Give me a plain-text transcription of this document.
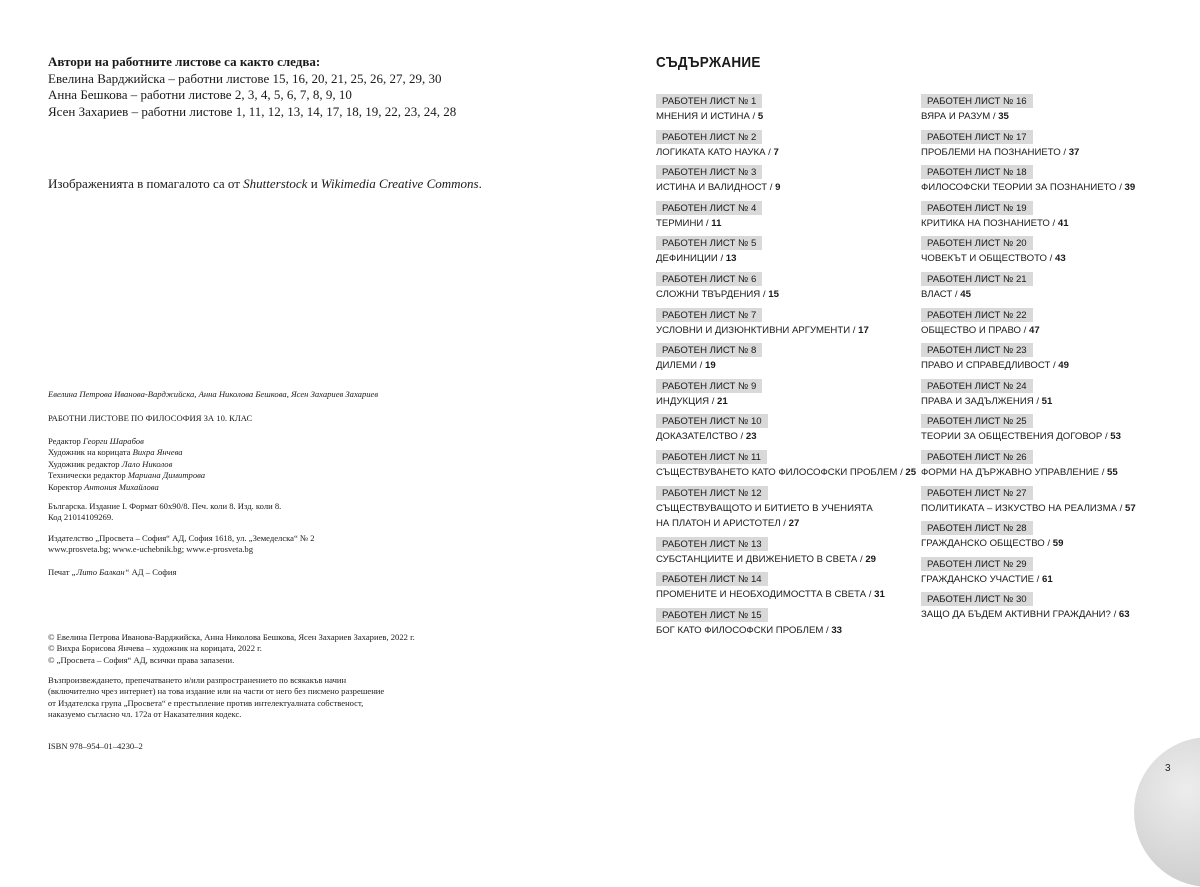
Автори на работните листове са както следва:
Евелина Варджийска – работни листове 15, 16, 20, 21, 25, 26, 27, 29, 30
Анна Бешкова – работни листове 2, 3, 4, 5, 6, 7, 8, 9, 10
Ясен Захариев – работни листове 1, 11, 12, 13, 14, 17, 18, 19, 22, 23, 24, 28
Изображенията в помагалото са от Shutterstock и Wikimedia Creative Commons.
Евелина Петрова Иванова-Варджийска, Анна Николова Бешкова, Ясен Захариев Захариев
РАБОТНИ ЛИСТОВЕ ПО ФИЛОСОФИЯ ЗА 10. КЛАС
Редактор Георги Шарабов
Художник на корицата Вихра Янчева
Художник редактор Лало Николов
Технически редактор Мариана Димитрова
Коректор Антония Михайлова
Българска. Издание I. Формат 60x90/8. Печ. коли 8. Изд. коли 8.
Код 21014109269.
Издателство „Просвета – София“ АД, София 1618, ул. „Земеделска“ № 2
www.prosveta.bg; www.e-uchebnik.bg; www.e-prosveta.bg
Печат „Лито Балкан“ АД – София
© Евелина Петрова Иванова-Варджийска, Анна Николова Бешкова, Ясен Захариев Захариев, 2022 г.
© Вихра Борисова Янчева – художник на корицата, 2022 г.
© „Просвета – София“ АД, всички права запазени.
Възпроизвеждането, препечатването и/или разпространението по всякакъв начин
(включително чрез интернет) на това издание или на части от него без писмено разрешение
от Издателска група „Просвета“ е престъпление против интелектуалната собственост,
наказуемо съгласно чл. 172а от Наказателния кодекс.
ISBN 978–954–01–4230–2
СЪДЪРЖАНИЕ
РАБОТЕН ЛИСТ № 1
МНЕНИЯ И ИСТИНА / 5
РАБОТЕН ЛИСТ № 2
ЛОГИКАТА КАТО НАУКА / 7
РАБОТЕН ЛИСТ № 3
ИСТИНА И ВАЛИДНОСТ / 9
РАБОТЕН ЛИСТ № 4
ТЕРМИНИ / 11
РАБОТЕН ЛИСТ № 5
ДЕФИНИЦИИ / 13
РАБОТЕН ЛИСТ № 6
СЛОЖНИ ТВЪРДЕНИЯ / 15
РАБОТЕН ЛИСТ № 7
УСЛОВНИ И ДИЗЮНКТИВНИ АРГУМЕНТИ / 17
РАБОТЕН ЛИСТ № 8
ДИЛЕМИ / 19
РАБОТЕН ЛИСТ № 9
ИНДУКЦИЯ / 21
РАБОТЕН ЛИСТ № 10
ДОКАЗАТЕЛСТВО / 23
РАБОТЕН ЛИСТ № 11
СЪЩЕСТВУВАНЕТО КАТО ФИЛОСОФСКИ ПРОБЛЕМ / 25
РАБОТЕН ЛИСТ № 12
СЪЩЕСТВУВАЩОТО И БИТИЕТО В УЧЕНИЯТА
НА ПЛАТОН И АРИСТОТЕЛ / 27
РАБОТЕН ЛИСТ № 13
СУБСТАНЦИИТЕ И ДВИЖЕНИЕТО В СВЕТА / 29
РАБОТЕН ЛИСТ № 14
ПРОМЕНИТЕ И НЕОБХОДИМОСТТА В СВЕТА / 31
РАБОТЕН ЛИСТ № 15
БОГ КАТО ФИЛОСОФСКИ ПРОБЛЕМ / 33
РАБОТЕН ЛИСТ № 16
ВЯРА И РАЗУМ / 35
РАБОТЕН ЛИСТ № 17
ПРОБЛЕМИ НА ПОЗНАНИЕТО / 37
РАБОТЕН ЛИСТ № 18
ФИЛОСОФСКИ ТЕОРИИ ЗА ПОЗНАНИЕТО / 39
РАБОТЕН ЛИСТ № 19
КРИТИКА НА ПОЗНАНИЕТО / 41
РАБОТЕН ЛИСТ № 20
ЧОВЕКЪТ И ОБЩЕСТВОТО / 43
РАБОТЕН ЛИСТ № 21
ВЛАСТ / 45
РАБОТЕН ЛИСТ № 22
ОБЩЕСТВО И ПРАВО / 47
РАБОТЕН ЛИСТ № 23
ПРАВО И СПРАВЕДЛИВОСТ / 49
РАБОТЕН ЛИСТ № 24
ПРАВА И ЗАДЪЛЖЕНИЯ / 51
РАБОТЕН ЛИСТ № 25
ТЕОРИИ ЗА ОБЩЕСТВЕНИЯ ДОГОВОР / 53
РАБОТЕН ЛИСТ № 26
ФОРМИ НА ДЪРЖАВНО УПРАВЛЕНИЕ / 55
РАБОТЕН ЛИСТ № 27
ПОЛИТИКАТА – ИЗКУСТВО НА РЕАЛИЗМА / 57
РАБОТЕН ЛИСТ № 28
ГРАЖДАНСКО ОБЩЕСТВО / 59
РАБОТЕН ЛИСТ № 29
ГРАЖДАНСКО УЧАСТИЕ / 61
РАБОТЕН ЛИСТ № 30
ЗАЩО ДА БЪДЕМ АКТИВНИ ГРАЖДАНИ? / 63
3
